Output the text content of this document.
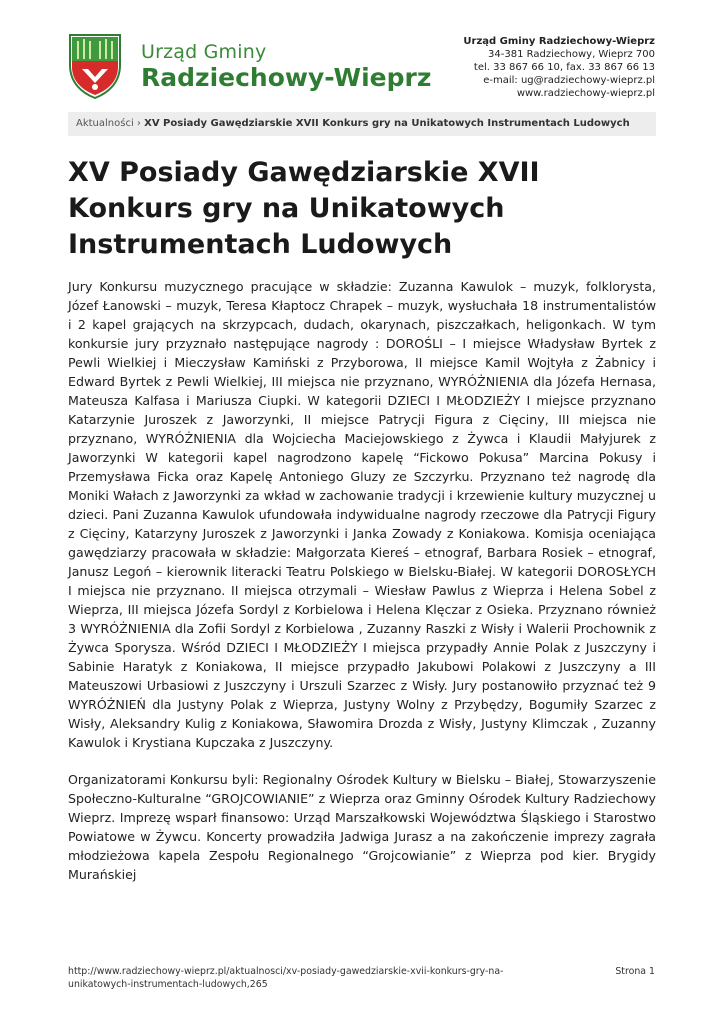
Urząd Gminy
Radziechowy-Wieprz
Urząd Gminy Radziechowy-Wieprz
34-381 Radziechowy, Wieprz 700
tel. 33 867 66 10, fax. 33 867 66 13
e-mail: ug@radziechowy-wieprz.pl
www.radziechowy-wieprz.pl
Aktualności › XV Posiady Gawędziarskie XVII Konkurs gry na Unikatowych Instrumentach Ludowych
XV Posiady Gawędziarskie XVII Konkurs gry na Unikatowych Instrumentach Ludowych

Jury Konkursu muzycznego pracujące w składzie: Zuzanna Kawulok – muzyk, folklorysta, Józef Łanowski – muzyk, Teresa Kłaptocz Chrapek – muzyk, wysłuchała 18 instrumentalistów i 2 kapel grających na skrzypcach, dudach, okarynach, piszczałkach, heligonkach. W tym konkursie jury przyznało następujące nagrody : DOROŚLI – I miejsce Władysław Byrtek z Pewli Wielkiej i Mieczysław Kamiński z Przyborowa, II miejsce Kamil Wojtyła z Żabnicy i Edward Byrtek z Pewli Wielkiej, III miejsca nie przyznano, WYRÓŻNIENIA dla Józefa Hernasa, Mateusza Kalfasa i Mariusza Ciupki. W kategorii DZIECI I MŁODZIEŻY I miejsce przyznano Katarzynie Juroszek z Jaworzynki, II miejsce Patrycji Figura z Cięciny, III miejsca nie przyznano, WYRÓŻNIENIA dla Wojciecha Maciejowskiego z Żywca i Klaudii Małyjurek z Jaworzynki W kategorii kapel nagrodzono kapelę “Fickowo Pokusa” Marcina Pokusy i Przemysława Ficka oraz Kapelę Antoniego Gluzy ze Szczyrku. Przyznano też nagrodę dla Moniki Wałach z Jaworzynki za wkład w zachowanie tradycji i krzewienie kultury muzycznej u dzieci. Pani Zuzanna Kawulok ufundowała indywidualne nagrody rzeczowe dla Patrycji Figury z Cięciny, Katarzyny Juroszek z Jaworzynki i Janka Zowady z Koniakowa. Komisja oceniająca gawędziarzy pracowała w składzie: Małgorzata Kiereś – etnograf, Barbara Rosiek – etnograf, Janusz Legoń – kierownik literacki Teatru Polskiego w Bielsku-Białej. W kategorii DOROSŁYCH I miejsca nie przyznano. II miejsca otrzymali – Wiesław Pawlus z Wieprza i Helena Sobel z Wieprza, III miejsca Józefa Sordyl z Korbielowa i Helena Klęczar z Osieka. Przyznano również 3 WYRÓŻNIENIA dla Zofii Sordyl z Korbielowa , Zuzanny Raszki z Wisły i Walerii Prochownik z Żywca Sporysza. Wśród DZIECI I MŁODZIEŻY I miejsca przypadły Annie Polak z Juszczyny i Sabinie Haratyk z Koniakowa, II miejsce przypadło Jakubowi Polakowi z Juszczyny a III Mateuszowi Urbasiowi z Juszczyny i Urszuli Szarzec z Wisły. Jury postanowiło przyznać też 9 WYRÓŻNIEŃ dla Justyny Polak z Wieprza, Justyny Wolny z Przybędzy, Bogumiły Szarzec z Wisły, Aleksandry Kulig z Koniakowa, Sławomira Drozda z Wisły, Justyny Klimczak , Zuzanny Kawulok i Krystiana Kupczaka z Juszczyny.

Organizatorami Konkursu byli: Regionalny Ośrodek Kultury w Bielsku – Białej, Stowarzyszenie Społeczno-Kulturalne “GROJCOWIANIE” z Wieprza oraz Gminny Ośrodek Kultury Radziechowy Wieprz. Imprezę wsparł finansowo: Urząd Marszałkowski Województwa Śląskiego i Starostwo Powiatowe w Żywcu. Koncerty prowadziła Jadwiga Jurasz a na zakończenie imprezy zagrała młodzieżowa kapela Zespołu Regionalnego “Grojcowianie” z Wieprza pod kier. Brygidy Murańskiej

http://www.radziechowy-wieprz.pl/aktualnosci/xv-posiady-gawedziarskie-xvii-konkurs-gry-na-unikatowych-instrumentach-ludowych,265
Strona 1
